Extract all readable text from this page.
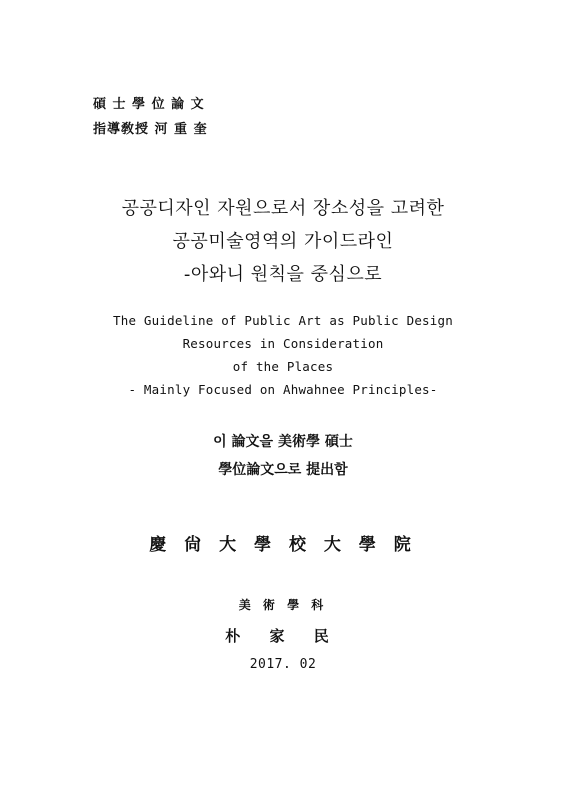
碩 士 學 位 論 文
指導敎授 河 重 奎
공공디자인 자원으로서 장소성을 고려한
공공미술영역의 가이드라인
-아와니 원칙을 중심으로
The Guideline of Public Art as Public Design
Resources in Consideration
of the Places
- Mainly Focused on Ahwahnee Principles-
이 論文을 美術學 碩士
學位論文으로 提出함
慶 尙 大 學 校 大 學 院
美 術 學 科
朴 家 民
2017. 02
